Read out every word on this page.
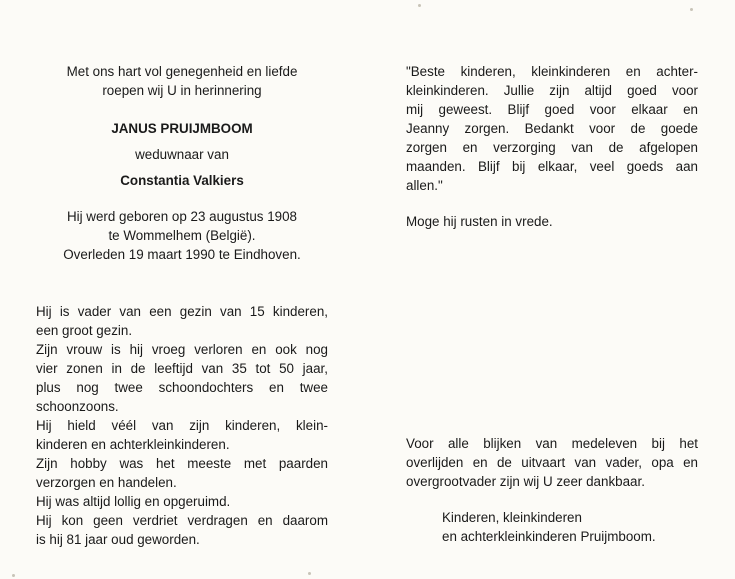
Met ons hart vol genegenheid en liefde
roepen wij U in herinnering
JANUS PRUIJMBOOM
weduwnaar van
Constantia Valkiers
Hij werd geboren op 23 augustus 1908
te Wommelhem (België).
Overleden 19 maart 1990 te Eindhoven.
Hij is vader van een gezin van 15 kinderen,
een groot gezin.
Zijn vrouw is hij vroeg verloren en ook nog
vier zonen in de leeftijd van 35 tot 50 jaar,
plus nog twee schoondochters en twee
schoonzoons.
Hij hield véél van zijn kinderen, klein-
kinderen en achterkleinkinderen.
Zijn hobby was het meeste met paarden
verzorgen en handelen.
Hij was altijd lollig en opgeruimd.
Hij kon geen verdriet verdragen en daarom
is hij 81 jaar oud geworden.
"Beste kinderen, kleinkinderen en achter-
kleinkinderen. Jullie zijn altijd goed voor
mij geweest. Blijf goed voor elkaar en
Jeanny zorgen. Bedankt voor de goede
zorgen en verzorging van de afgelopen
maanden. Blijf bij elkaar, veel goeds aan
allen."
Moge hij rusten in vrede.
Voor alle blijken van medeleven bij het
overlijden en de uitvaart van vader, opa en
overgrootvader zijn wij U zeer dankbaar.
Kinderen, kleinkinderen
en achterkleinkinderen Pruijmboom.
